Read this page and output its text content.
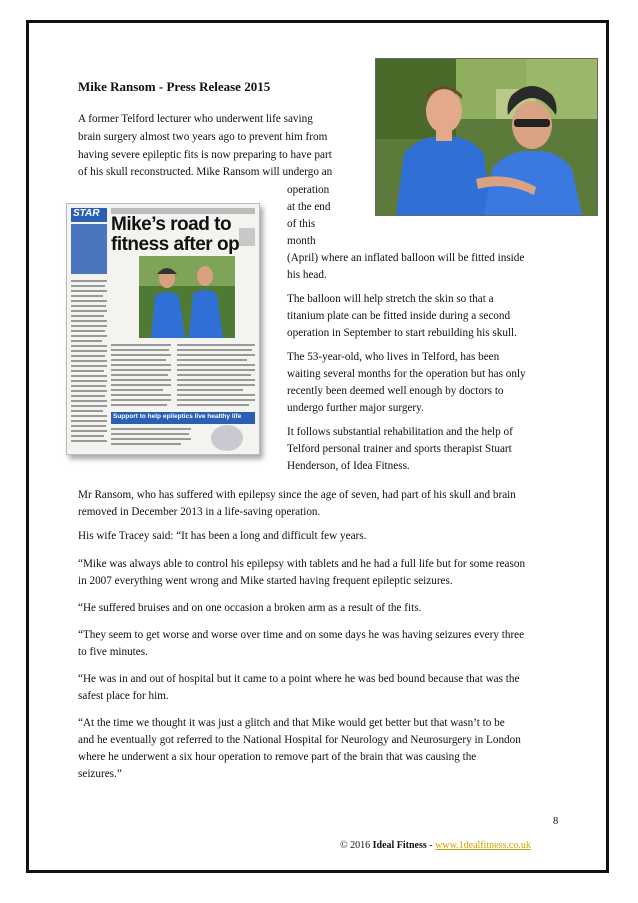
Mike Ransom - Press Release 2015
A former Telford lecturer who underwent life saving
brain surgery almost two years ago to prevent him from
having severe epileptic fits is now preparing to have part
of his skull reconstructed. Mike Ransom will undergo an
operation
at the end
of this
month
(April) where an inflated balloon will be fitted inside
his head.
The balloon will help stretch the skin so that a
titanium plate can be fitted inside during a second
operation in September to start rebuilding his skull.
The 53-year-old, who lives in Telford, has been
waiting several months for the operation but has only
recently been deemed well enough by doctors to
undergo further major surgery.
It follows substantial rehabilitation and the help of
Telford personal trainer and sports therapist Stuart
Henderson, of Idea Fitness.
Mr Ransom, who has suffered with epilepsy since the age of seven, had part of his skull and brain
removed in December 2013 in a life-saving operation.
His wife Tracey said: “It has been a long and difficult few years.
“Mike was always able to control his epilepsy with tablets and he had a full life but for some reason
in 2007 everything went wrong and Mike started having frequent epileptic seizures.
“He suffered bruises and on one occasion a broken arm as a result of the fits.
“They seem to get worse and worse over time and on some days he was having seizures every three
to five minutes.
“He was in and out of hospital but it came to a point where he was bed bound because that was the
safest place for him.
“At the time we thought it was just a glitch and that Mike would get better but that wasn’t to be
and he eventually got referred to the National Hospital for Neurology and Neurosurgery in London
where he underwent a six hour operation to remove part of the brain that was causing the
seizures.”
STAR
Mike’s road to
fitness after op
Support to help epileptics live healthy life
8
© 2016 Ideal Fitness - www.1dealfitness.co.uk
